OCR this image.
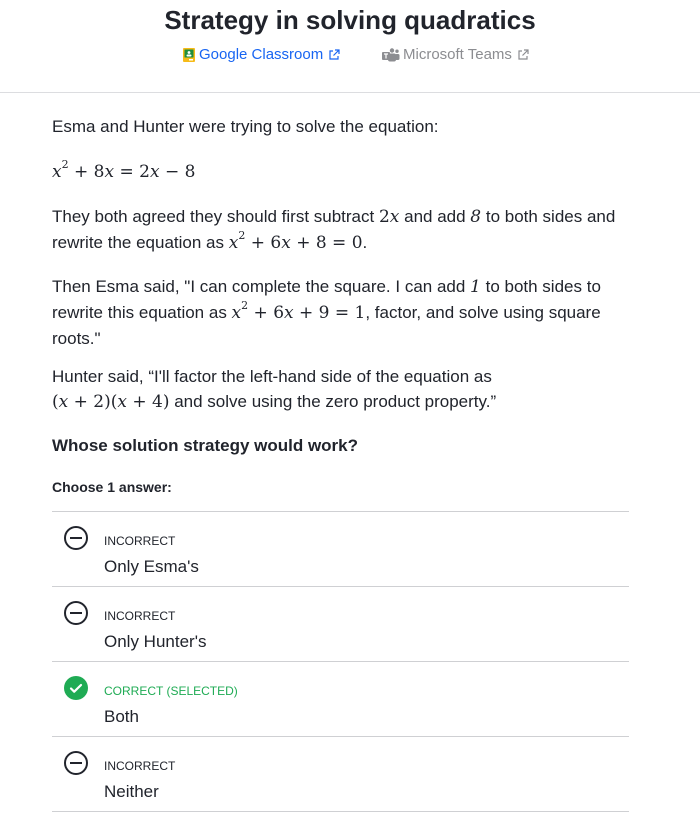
Strategy in solving quadratics
Google Classroom	Microsoft Teams

Esma and Hunter were trying to solve the equation:

$x^2 + 8x = 2x - 8$

They both agreed they should first subtract 2x and add 8 to both sides and
rewrite the equation as $x^2 + 6x + 8 = 0$.

Then Esma said, "I can complete the square. I can add 1 to both sides to
rewrite this equation as $x^2 + 6x + 9 = 1$, factor, and solve using square
roots."

Hunter said, “I'll factor the left-hand side of the equation as
(x + 2)(x + 4) and solve using the zero product property.”

Whose solution strategy would work?

Choose 1 answer:

INCORRECT
Only Esma's
INCORRECT
Only Hunter's
CORRECT (SELECTED)
Both
INCORRECT
Neither
